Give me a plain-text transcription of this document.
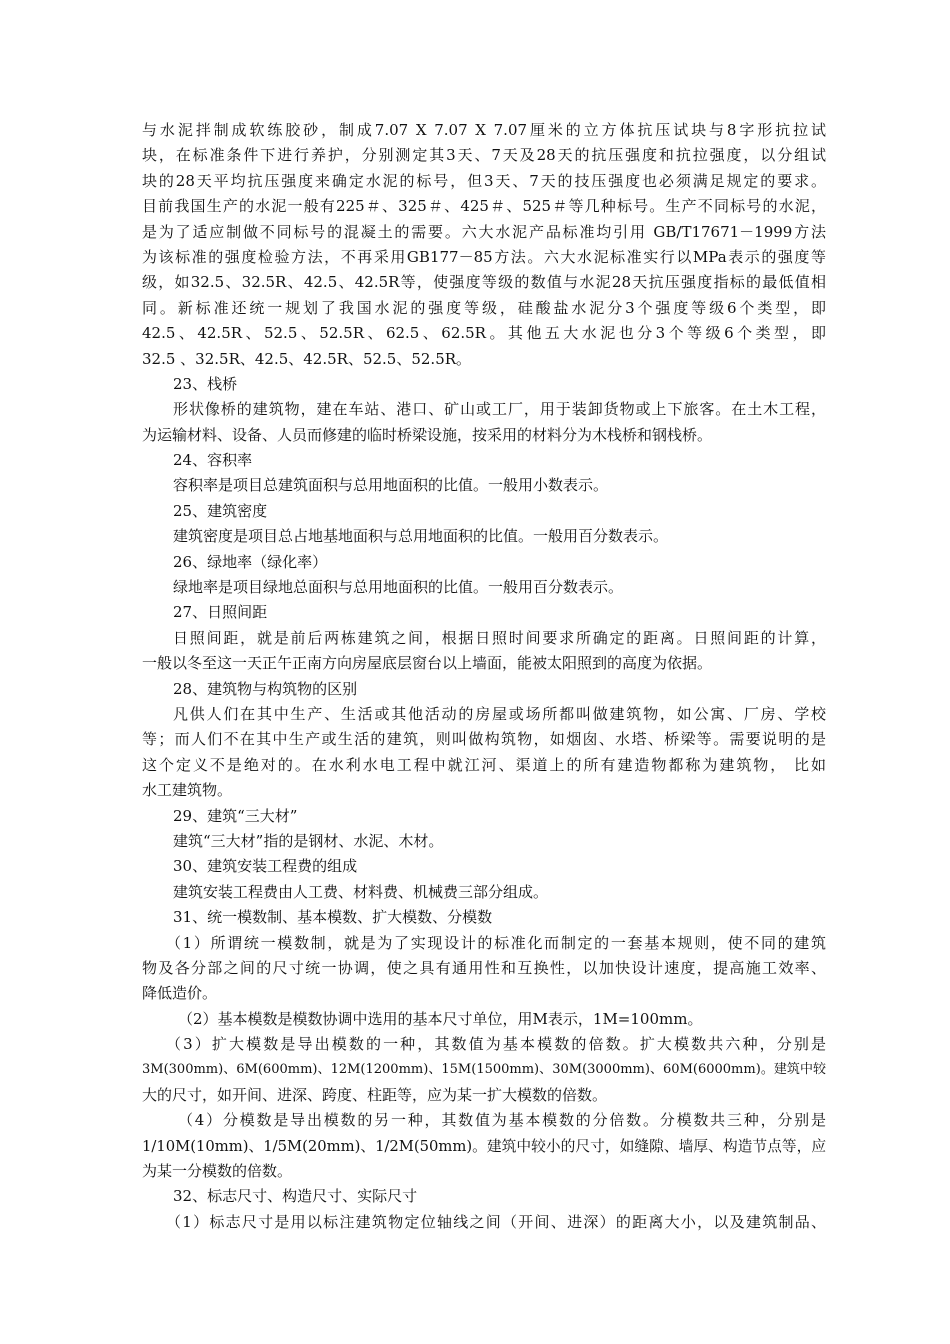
与水泥拌制成软练胶砂，制成7.07 X 7.07 X 7.07厘米的立方体抗压试块与8字形抗拉试
块，在标准条件下进行养护，分别测定其3天、7天及28天的抗压强度和抗拉强度，以分组试
块的28天平均抗压强度来确定水泥的标号，但3天、7天的技压强度也必须满足规定的要求。
目前我国生产的水泥一般有225＃、325＃、425＃、525＃等几种标号。生产不同标号的水泥，
是为了适应制做不同标号的混凝土的需要。六大水泥产品标准均引用 GB/T17671－1999方法
为该标准的强度检验方法，不再采用GB177－85方法。六大水泥标准实行以MPa表示的强度等
级，如32.5、32.5R、42.5、42.5R等，使强度等级的数值与水泥28天抗压强度指标的最低值相
同。新标准还统一规划了我国水泥的强度等级，硅酸盐水泥分3个强度等级6个类型，即
42.5、42.5R、52.5、52.5R、62.5、62.5R。其他五大水泥也分3个等级6个类型，即
32.5 、32.5R、42.5、42.5R、52.5、52.5R。
23、栈桥
形状像桥的建筑物，建在车站、港口、矿山或工厂，用于装卸货物或上下旅客。在土木工程，
为运输材料、设备、人员而修建的临时桥梁设施，按采用的材料分为木栈桥和钢栈桥。
24、容积率
容积率是项目总建筑面积与总用地面积的比值。一般用小数表示。
25、建筑密度
建筑密度是项目总占地基地面积与总用地面积的比值。一般用百分数表示。
26、绿地率（绿化率）
绿地率是项目绿地总面积与总用地面积的比值。一般用百分数表示。
27、日照间距
日照间距，就是前后两栋建筑之间，根据日照时间要求所确定的距离。日照间距的计算，
一般以冬至这一天正午正南方向房屋底层窗台以上墙面，能被太阳照到的高度为依据。
28、建筑物与构筑物的区别
凡供人们在其中生产、生活或其他活动的房屋或场所都叫做建筑物，如公寓、厂房、学校
等；而人们不在其中生产或生活的建筑，则叫做构筑物，如烟囱、水塔、桥梁等。需要说明的是
这个定义不是绝对的。在水利水电工程中就江河、渠道上的所有建造物都称为建筑物， 比如
水工建筑物。
29、建筑“三大材”
建筑“三大材”指的是钢材、水泥、木材。
30、建筑安装工程费的组成
建筑安装工程费由人工费、材料费、机械费三部分组成。
31、统一模数制、基本模数、扩大模数、分模数
（1）所谓统一模数制，就是为了实现设计的标准化而制定的一套基本规则，使不同的建筑
物及各分部之间的尺寸统一协调，使之具有通用性和互换性，以加快设计速度，提高施工效率、
降低造价。
（2）基本模数是模数协调中选用的基本尺寸单位，用M表示，1M=100mm。
（3）扩大模数是导出模数的一种，其数值为基本模数的倍数。扩大模数共六种，分别是
3M(300mm)、6M(600mm)、12M(1200mm)、15M(1500mm)、30M(3000mm)、60M(6000mm)。建筑中较
大的尺寸，如开间、进深、跨度、柱距等，应为某一扩大模数的倍数。
（4）分模数是导出模数的另一种，其数值为基本模数的分倍数。分模数共三种，分别是
1/10M(10mm)、1/5M(20mm)、1/2M(50mm)。建筑中较小的尺寸，如缝隙、墙厚、构造节点等，应
为某一分模数的倍数。
32、标志尺寸、构造尺寸、实际尺寸
（1）标志尺寸是用以标注建筑物定位轴线之间（开间、进深）的距离大小，以及建筑制品、
